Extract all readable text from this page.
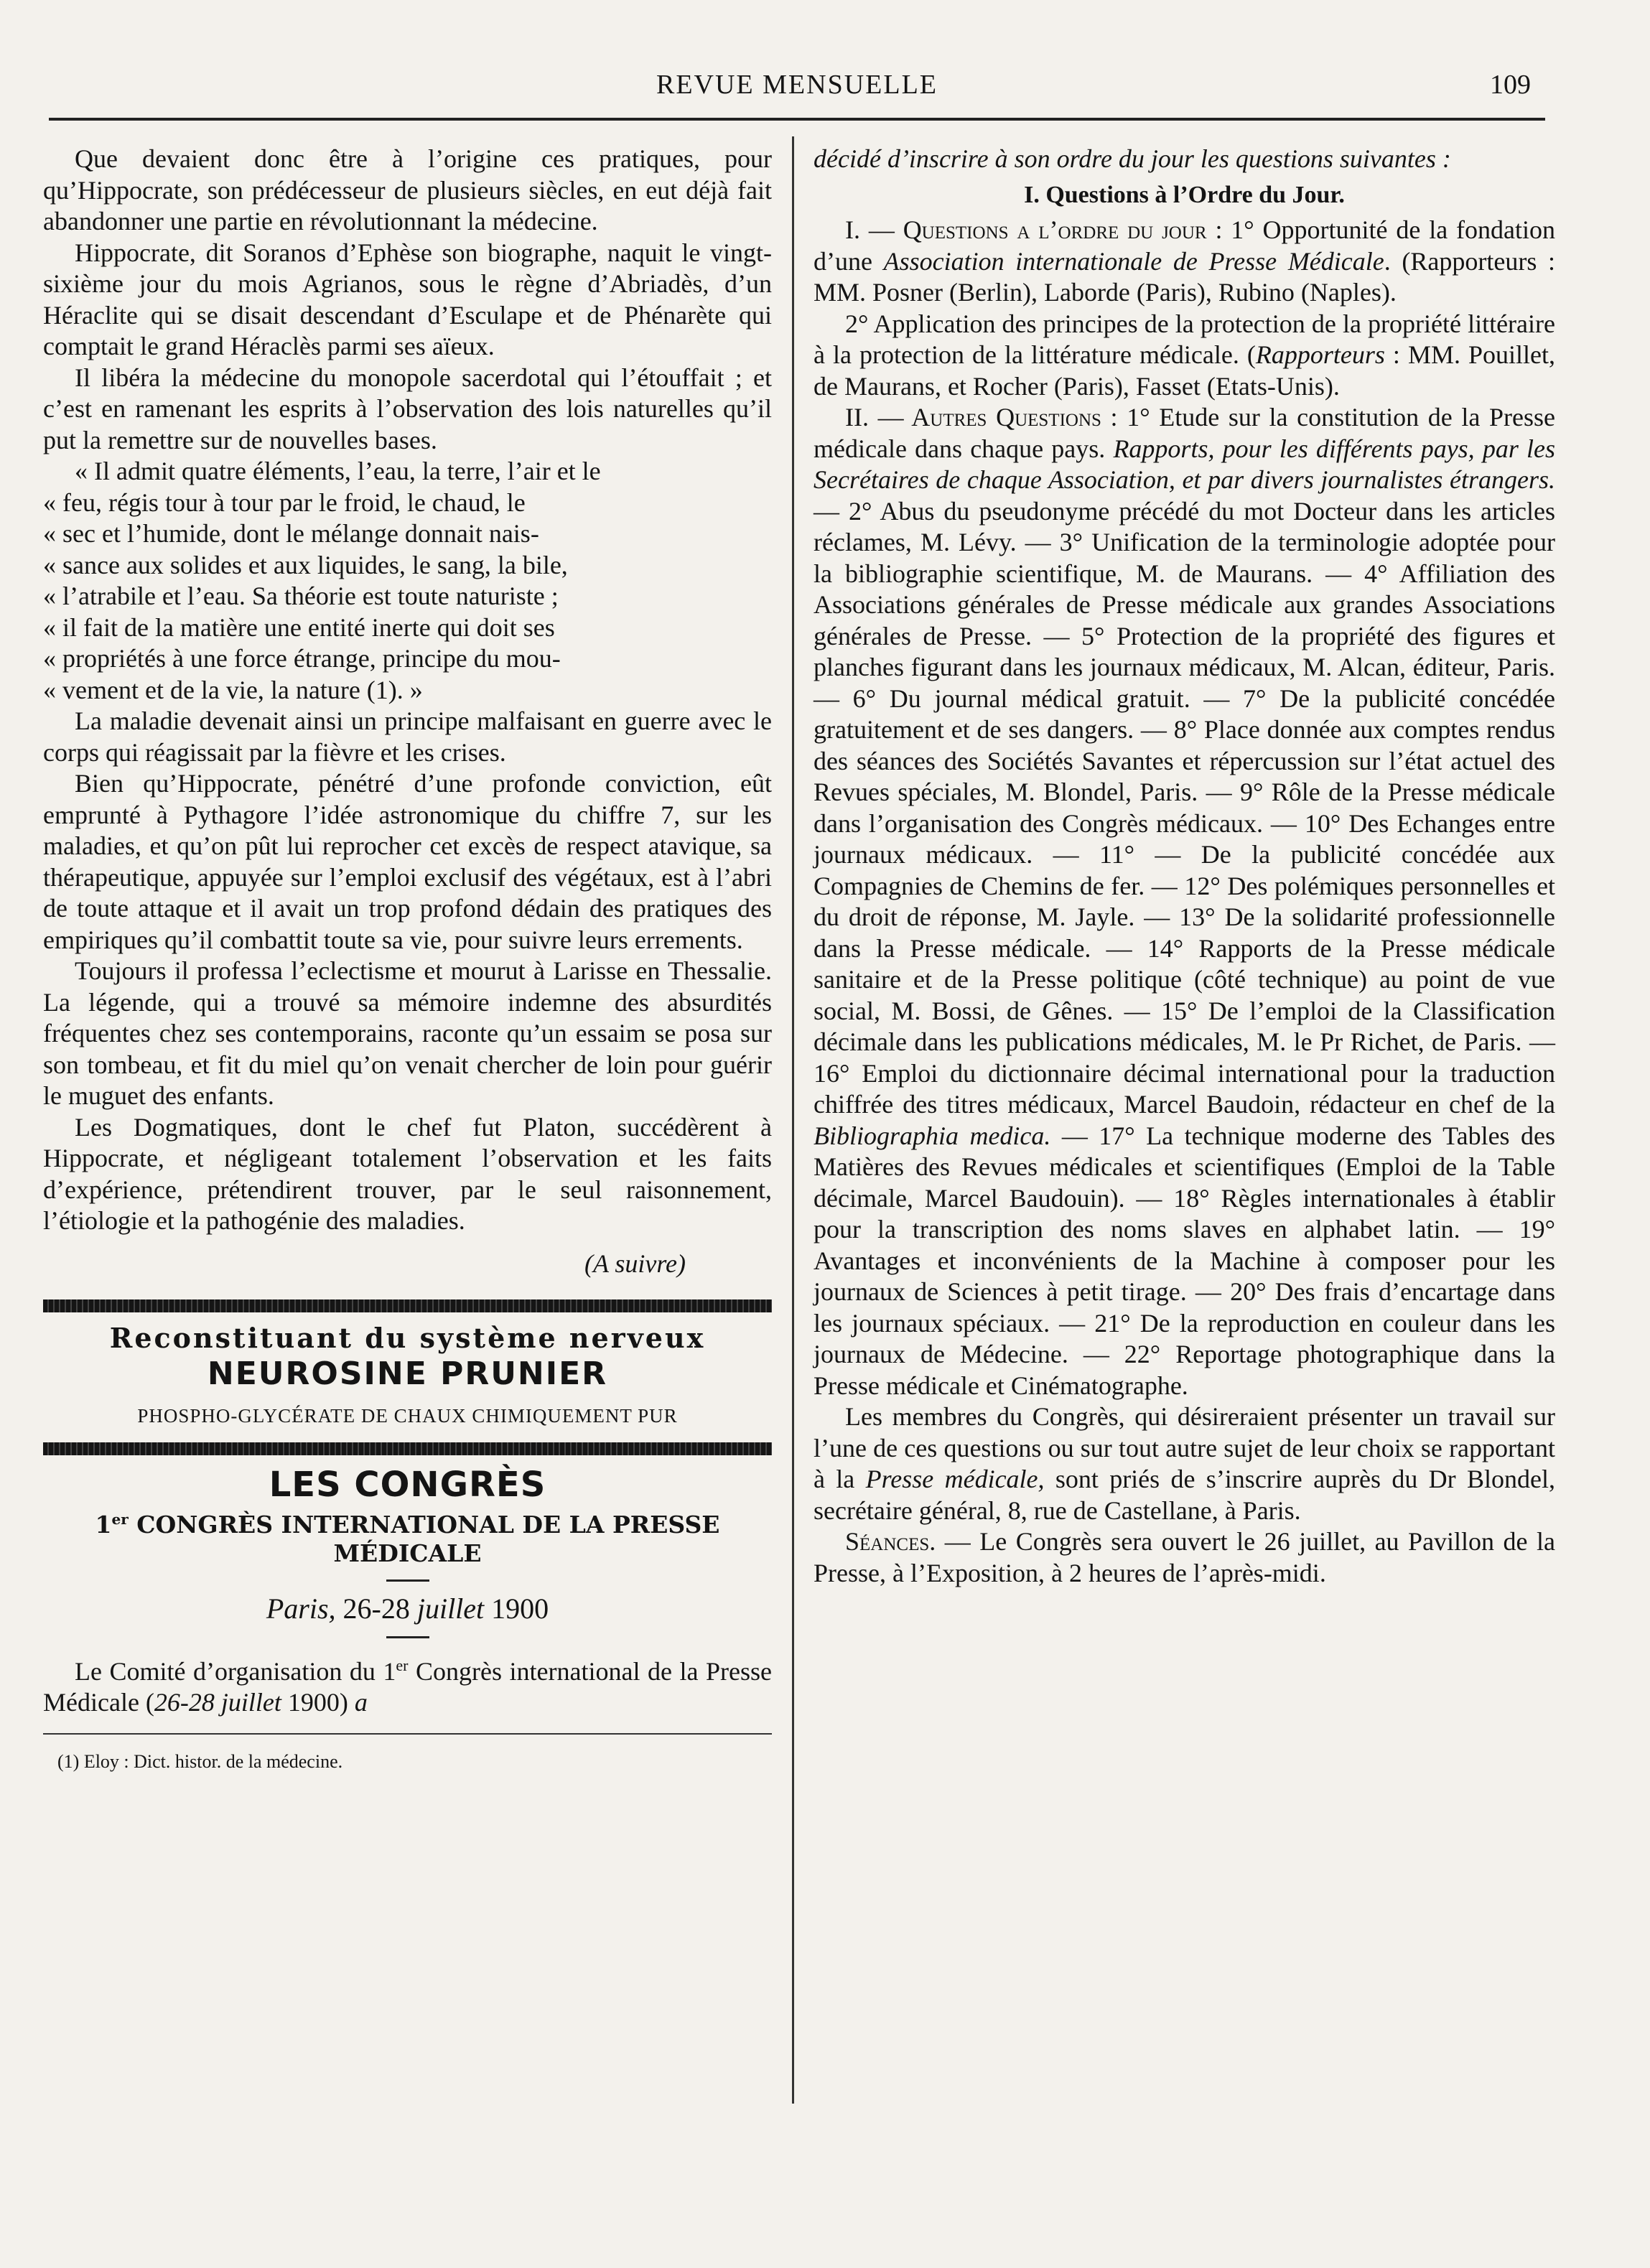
REVUE MENSUELLE	109

Que devaient donc être à l’origine ces pratiques, pour qu’Hippocrate, son prédécesseur de plusieurs siècles, en eut déjà fait abandonner une partie en révolutionnant la médecine.

Hippocrate, dit Soranos d’Ephèse son biographe, naquit le vingt-sixième jour du mois Agrianos, sous le règne d’Abriadès, d’un Héraclite qui se disait descendant d’Esculape et de Phénarète qui comptait le grand Héraclès parmi ses aïeux.

Il libéra la médecine du monopole sacerdotal qui l’étouffait ; et c’est en ramenant les esprits à l’observation des lois naturelles qu’il put la remettre sur de nouvelles bases.

« Il admit quatre éléments, l’eau, la terre, l’air et le

« feu, régis tour à tour par le froid, le chaud, le

« sec et l’humide, dont le mélange donnait nais-

« sance aux solides et aux liquides, le sang, la bile,

« l’atrabile et l’eau. Sa théorie est toute naturiste ;

« il fait de la matière une entité inerte qui doit ses

« propriétés à une force étrange, principe du mou-

« vement et de la vie, la nature (1). »

La maladie devenait ainsi un principe malfaisant en guerre avec le corps qui réagissait par la fièvre et les crises.

Bien qu’Hippocrate, pénétré d’une profonde conviction, eût emprunté à Pythagore l’idée astronomique du chiffre 7, sur les maladies, et qu’on pût lui reprocher cet excès de respect atavique, sa thérapeutique, appuyée sur l’emploi exclusif des végétaux, est à l’abri de toute attaque et il avait un trop profond dédain des pratiques des empiriques qu’il combattit toute sa vie, pour suivre leurs errements.

Toujours il professa l’eclectisme et mourut à Larisse en Thessalie. La légende, qui a trouvé sa mémoire indemne des absurdités fréquentes chez ses contemporains, raconte qu’un essaim se posa sur son tombeau, et fit du miel qu’on venait chercher de loin pour guérir le muguet des enfants.

Les Dogmatiques, dont le chef fut Platon, succédèrent à Hippocrate, et négligeant totalement l’observation et les faits d’expérience, prétendirent trouver, par le seul raisonnement, l’étiologie et la pathogénie des maladies.

(A suivre)
Reconstituant du système nerveux
NEUROSINE PRUNIER
PHOSPHO-GLYCÉRATE DE CHAUX CHIMIQUEMENT PUR
LES CONGRÈS
1er CONGRÈS INTERNATIONAL DE LA PRESSE MÉDICALE
Paris, 26-28 juillet 1900

Le Comité d’organisation du 1er Congrès international de la Presse Médicale (26-28 juillet 1900) a

(1) Eloy : Dict. histor. de la médecine.

décidé d’inscrire à son ordre du jour les questions suivantes :

I. Questions à l’Ordre du Jour.

I. — Questions a l’ordre du jour : 1° Opportunité de la fondation d’une Association internationale de Presse Médicale. (Rapporteurs : MM. Posner (Berlin), Laborde (Paris), Rubino (Naples).

2° Application des principes de la protection de la propriété littéraire à la protection de la littérature médicale. (Rapporteurs : MM. Pouillet, de Maurans, et Rocher (Paris), Fasset (Etats-Unis).

II. — Autres Questions : 1° Etude sur la constitution de la Presse médicale dans chaque pays. Rapports, pour les différents pays, par les Secrétaires de chaque Association, et par divers journalistes étrangers. — 2° Abus du pseudonyme précédé du mot Docteur dans les articles réclames, M. Lévy. — 3° Unification de la terminologie adoptée pour la bibliographie scientifique, M. de Maurans. — 4° Affiliation des Associations générales de Presse médicale aux grandes Associations générales de Presse. — 5° Protection de la propriété des figures et planches figurant dans les journaux médicaux, M. Alcan, éditeur, Paris. — 6° Du journal médical gratuit. — 7° De la publicité concédée gratuitement et de ses dangers. — 8° Place donnée aux comptes rendus des séances des Sociétés Savantes et répercussion sur l’état actuel des Revues spéciales, M. Blondel, Paris. — 9° Rôle de la Presse médicale dans l’organisation des Congrès médicaux. — 10° Des Echanges entre journaux médicaux. — 11° — De la publicité concédée aux Compagnies de Chemins de fer. — 12° Des polémiques personnelles et du droit de réponse, M. Jayle. — 13° De la solidarité professionnelle dans la Presse médicale. — 14° Rapports de la Presse médicale sanitaire et de la Presse politique (côté technique) au point de vue social, M. Bossi, de Gênes. — 15° De l’emploi de la Classification décimale dans les publications médicales, M. le Pr Richet, de Paris. — 16° Emploi du dictionnaire décimal international pour la traduction chiffrée des titres médicaux, Marcel Baudoin, rédacteur en chef de la Bibliographia medica. — 17° La technique moderne des Tables des Matières des Revues médicales et scientifiques (Emploi de la Table décimale, Marcel Baudouin). — 18° Règles internationales à établir pour la transcription des noms slaves en alphabet latin. — 19° Avantages et inconvénients de la Machine à composer pour les journaux de Sciences à petit tirage. — 20° Des frais d’encartage dans les journaux spéciaux. — 21° De la reproduction en couleur dans les journaux de Médecine. — 22° Reportage photographique dans la Presse médicale et Cinématographe.

Les membres du Congrès, qui désireraient présenter un travail sur l’une de ces questions ou sur tout autre sujet de leur choix se rapportant à la Presse médicale, sont priés de s’inscrire auprès du Dr Blondel, secrétaire général, 8, rue de Castellane, à Paris.

Séances. — Le Congrès sera ouvert le 26 juillet, au Pavillon de la Presse, à l’Exposition, à 2 heures de l’après-midi.
